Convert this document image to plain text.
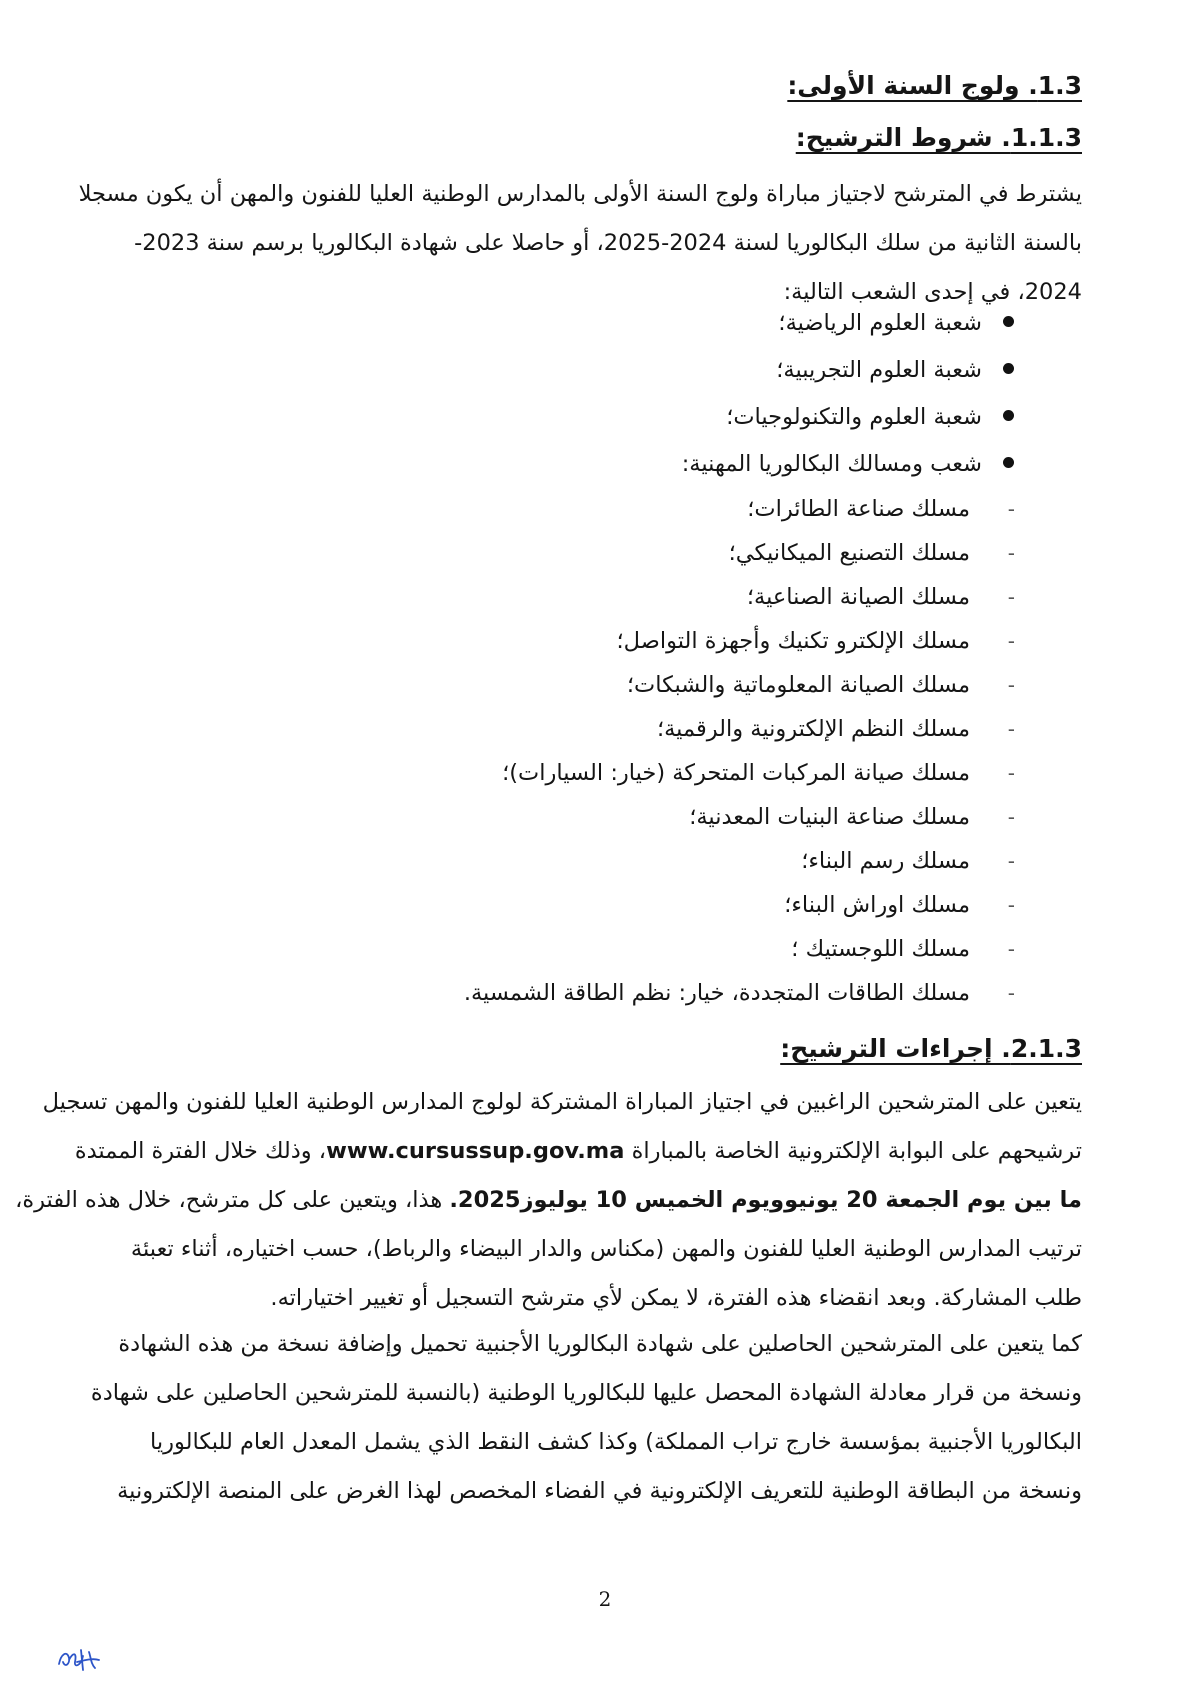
1.3. ولوج السنة الأولى:
1.1.3. شروط الترشيح:

يشترط في المترشح لاجتياز مباراة ولوج السنة الأولى بالمدارس الوطنية العليا للفنون والمهن أن يكون مسجلا
بالسنة الثانية من سلك البكالوريا لسنة 2024-2025، أو حاصلا على شهادة البكالوريا برسم سنة 2023-
2024، في إحدى الشعب التالية:

شعبة العلوم الرياضية؛
شعبة العلوم التجريبية؛
شعبة العلوم والتكنولوجيات؛
شعب ومسالك البكالوريا المهنية:
-
مسلك صناعة الطائرات؛
-
مسلك التصنيع الميكانيكي؛
-
مسلك الصيانة الصناعية؛
-
مسلك الإلكترو تكنيك وأجهزة التواصل؛
-
مسلك الصيانة المعلوماتية والشبكات؛
-
مسلك النظم الإلكترونية والرقمية؛
-
مسلك صيانة المركبات المتحركة (خيار: السيارات)؛
-
مسلك صناعة البنيات المعدنية؛
-
مسلك رسم البناء؛
-
مسلك اوراش البناء؛
-
مسلك اللوجستيك ؛
-
مسلك الطاقات المتجددة، خيار: نظم الطاقة الشمسية.
2.1.3. إجراءات الترشيح:

يتعين على المترشحين الراغبين في اجتياز المباراة المشتركة لولوج المدارس الوطنية العليا للفنون والمهن تسجيل
ترشيحهم على البوابة الإلكترونية الخاصة بالمباراة www.cursussup.gov.ma، وذلك خلال الفترة الممتدة
ما بين يوم الجمعة 20 يونيوويوم الخميس 10 يوليوز2025. هذا، ويتعين على كل مترشح، خلال هذه الفترة،
ترتيب المدارس الوطنية العليا للفنون والمهن (مكناس والدار البيضاء والرباط)، حسب اختياره، أثناء تعبئة
طلب المشاركة. وبعد انقضاء هذه الفترة، لا يمكن لأي مترشح التسجيل أو تغيير اختياراته.

كما يتعين على المترشحين الحاصلين على شهادة البكالوريا الأجنبية تحميل وإضافة نسخة من هذه الشهادة
ونسخة من قرار معادلة الشهادة المحصل عليها للبكالوريا الوطنية (بالنسبة للمترشحين الحاصلين على شهادة
البكالوريا الأجنبية بمؤسسة خارج تراب المملكة) وكذا كشف النقط الذي يشمل المعدل العام للبكالوريا
ونسخة من البطاقة الوطنية للتعريف الإلكترونية في الفضاء المخصص لهذا الغرض على المنصة الإلكترونية

2
